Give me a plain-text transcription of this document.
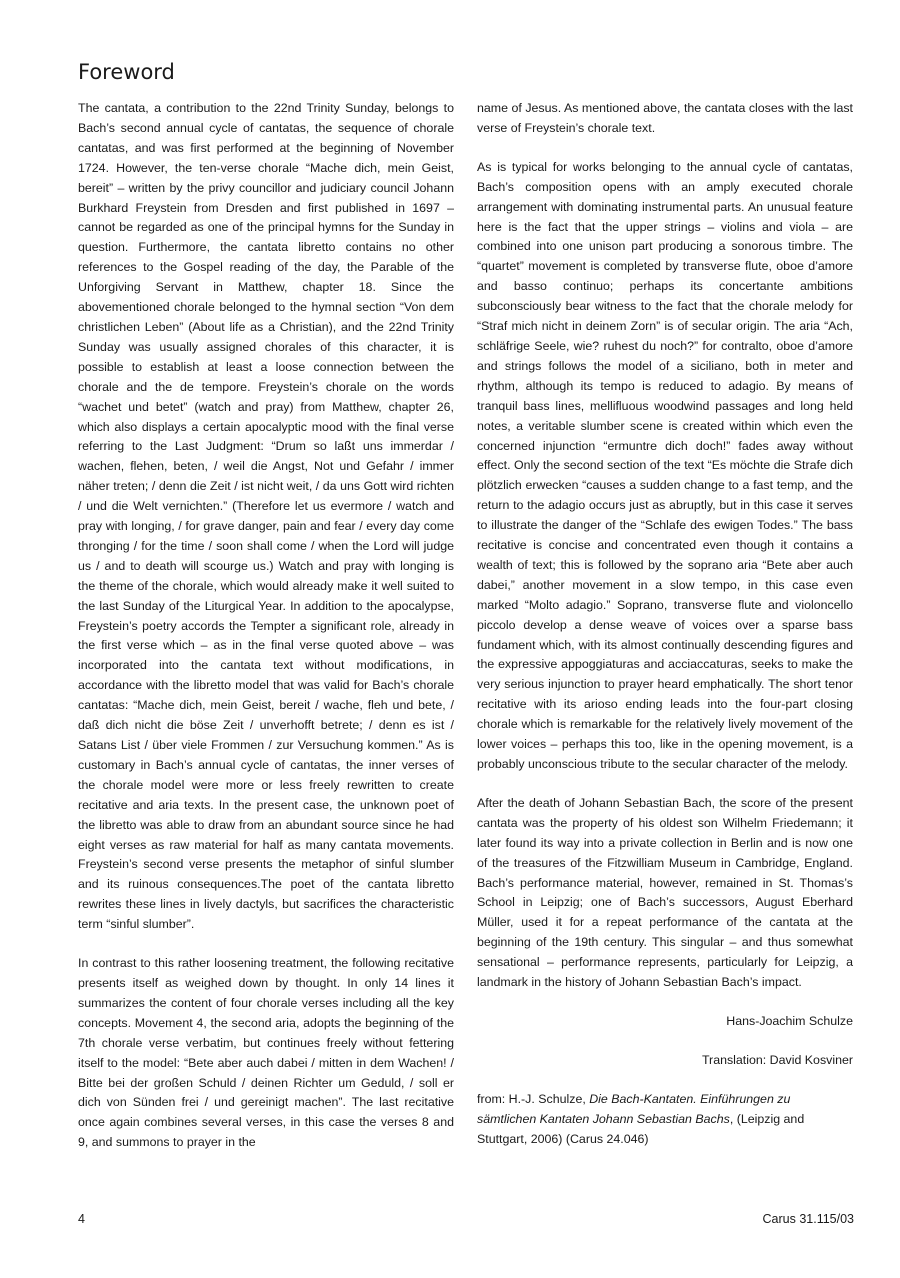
Foreword

The cantata, a contribution to the 22nd Trinity Sunday, belongs to Bach’s second annual cycle of cantatas, the sequence of chorale cantatas, and was first performed at the beginning of November 1724. However, the ten-verse chorale “Mache dich, mein Geist, bereit” – written by the privy councillor and judiciary council Johann Burkhard Freystein from Dresden and first published in 1697 – cannot be regarded as one of the principal hymns for the Sunday in question. Furthermore, the cantata libretto contains no other references to the Gospel reading of the day, the Parable of the Unforgiving Servant in Matthew, chapter 18. Since the abovementioned chorale belonged to the hymnal section “Von dem christlichen Leben” (About life as a Christian), and the 22nd Trinity Sunday was usually assigned chorales of this character, it is possible to establish at least a loose connection between the chorale and the de tempore. Freystein’s chorale on the words “wachet und betet” (watch and pray) from Matthew, chapter 26, which also displays a certain apocalyptic mood with the final verse referring to the Last Judgment: “Drum so laßt uns immerdar / wachen, flehen, beten, / weil die Angst, Not und Gefahr / immer näher treten; / denn die Zeit / ist nicht weit, / da uns Gott wird richten / und die Welt vernichten.” (Therefore let us evermore / watch and pray with longing, / for grave danger, pain and fear / every day come thronging / for the time / soon shall come / when the Lord will judge us / and to death will scourge us.) Watch and pray with longing is the theme of the chorale, which would already make it well suited to the last Sunday of the Liturgical Year. In addition to the apocalypse, Freystein’s poetry accords the Tempter a significant role, already in the first verse which – as in the final verse quoted above – was incorporated into the cantata text without modifications, in accordance with the libretto model that was valid for Bach’s chorale cantatas: “Mache dich, mein Geist, bereit / wache, fleh und bete, / daß dich nicht die böse Zeit / unverhofft betrete; / denn es ist / Satans List / über viele Frommen / zur Versuchung kommen.” As is customary in Bach’s annual cycle of cantatas, the inner verses of the chorale model were more or less freely rewritten to create recitative and aria texts. In the present case, the unknown poet of the libretto was able to draw from an abundant source since he had eight verses as raw material for half as many cantata movements. Freystein’s second verse presents the metaphor of sinful slumber and its ruinous consequences.The poet of the cantata libretto rewrites these lines in lively dactyls, but sacrifices the characteristic term “sinful slumber”.

In contrast to this rather loosening treatment, the following recitative presents itself as weighed down by thought. In only 14 lines it summarizes the content of four chorale verses including all the key concepts. Movement 4, the second aria, adopts the beginning of the 7th chorale verse verbatim, but continues freely without fettering itself to the model: “Bete aber auch dabei / mitten in dem Wachen! / Bitte bei der großen Schuld / deinen Richter um Geduld, / soll er dich von Sünden frei / und gereinigt machen”. The last recitative once again combines several verses, in this case the verses 8 and 9, and summons to prayer in the

name of Jesus. As mentioned above, the cantata closes with the last verse of Freystein’s chorale text.

As is typical for works belonging to the annual cycle of cantatas, Bach’s composition opens with an amply executed chorale arrangement with dominating instrumental parts. An unusual feature here is the fact that the upper strings – violins and viola – are combined into one unison part producing a sonorous timbre. The “quartet” movement is completed by transverse flute, oboe d’amore and basso continuo; perhaps its concertante ambitions subconsciously bear witness to the fact that the chorale melody for “Straf mich nicht in deinem Zorn” is of secular origin. The aria “Ach, schläfrige Seele, wie? ruhest du noch?” for contralto, oboe d’amore and strings follows the model of a siciliano, both in meter and rhythm, although its tempo is reduced to adagio. By means of tranquil bass lines, mellifluous woodwind passages and long held notes, a veritable slumber scene is created within which even the concerned injunction “ermuntre dich doch!” fades away without effect. Only the second section of the text “Es möchte die Strafe dich plötzlich erwecken “causes a sudden change to a fast temp, and the return to the adagio occurs just as abruptly, but in this case it serves to illustrate the danger of the “Schlafe des ewigen Todes.” The bass recitative is concise and concentrated even though it contains a wealth of text; this is followed by the soprano aria “Bete aber auch dabei,” another movement in a slow tempo, in this case even marked “Molto adagio.” Soprano, transverse flute and violoncello piccolo develop a dense weave of voices over a sparse bass fundament which, with its almost continually descending figures and the expressive appoggiaturas and acciaccaturas, seeks to make the very serious injunction to prayer heard emphatically. The short tenor recitative with its arioso ending leads into the four-part closing chorale which is remarkable for the relatively lively movement of the lower voices – perhaps this too, like in the opening movement, is a probably unconscious tribute to the secular character of the melody.

After the death of Johann Sebastian Bach, the score of the present cantata was the property of his oldest son Wilhelm Friedemann; it later found its way into a private collection in Berlin and is now one of the treasures of the Fitzwilliam Museum in Cambridge, England. Bach’s performance material, however, remained in St. Thomas’s School in Leipzig; one of Bach’s successors, August Eberhard Müller, used it for a repeat performance of the cantata at the beginning of the 19th century. This singular – and thus somewhat sensational – performance represents, particularly for Leipzig, a landmark in the history of Johann Sebastian Bach’s impact.

Hans-Joachim Schulze

Translation: David Kosviner

from: H.-J. Schulze, Die Bach-Kantaten. Einführungen zu sämtlichen Kantaten Johann Sebastian Bachs, (Leipzig and Stuttgart, 2006) (Carus 24.046)

4	Carus 31.115/03
